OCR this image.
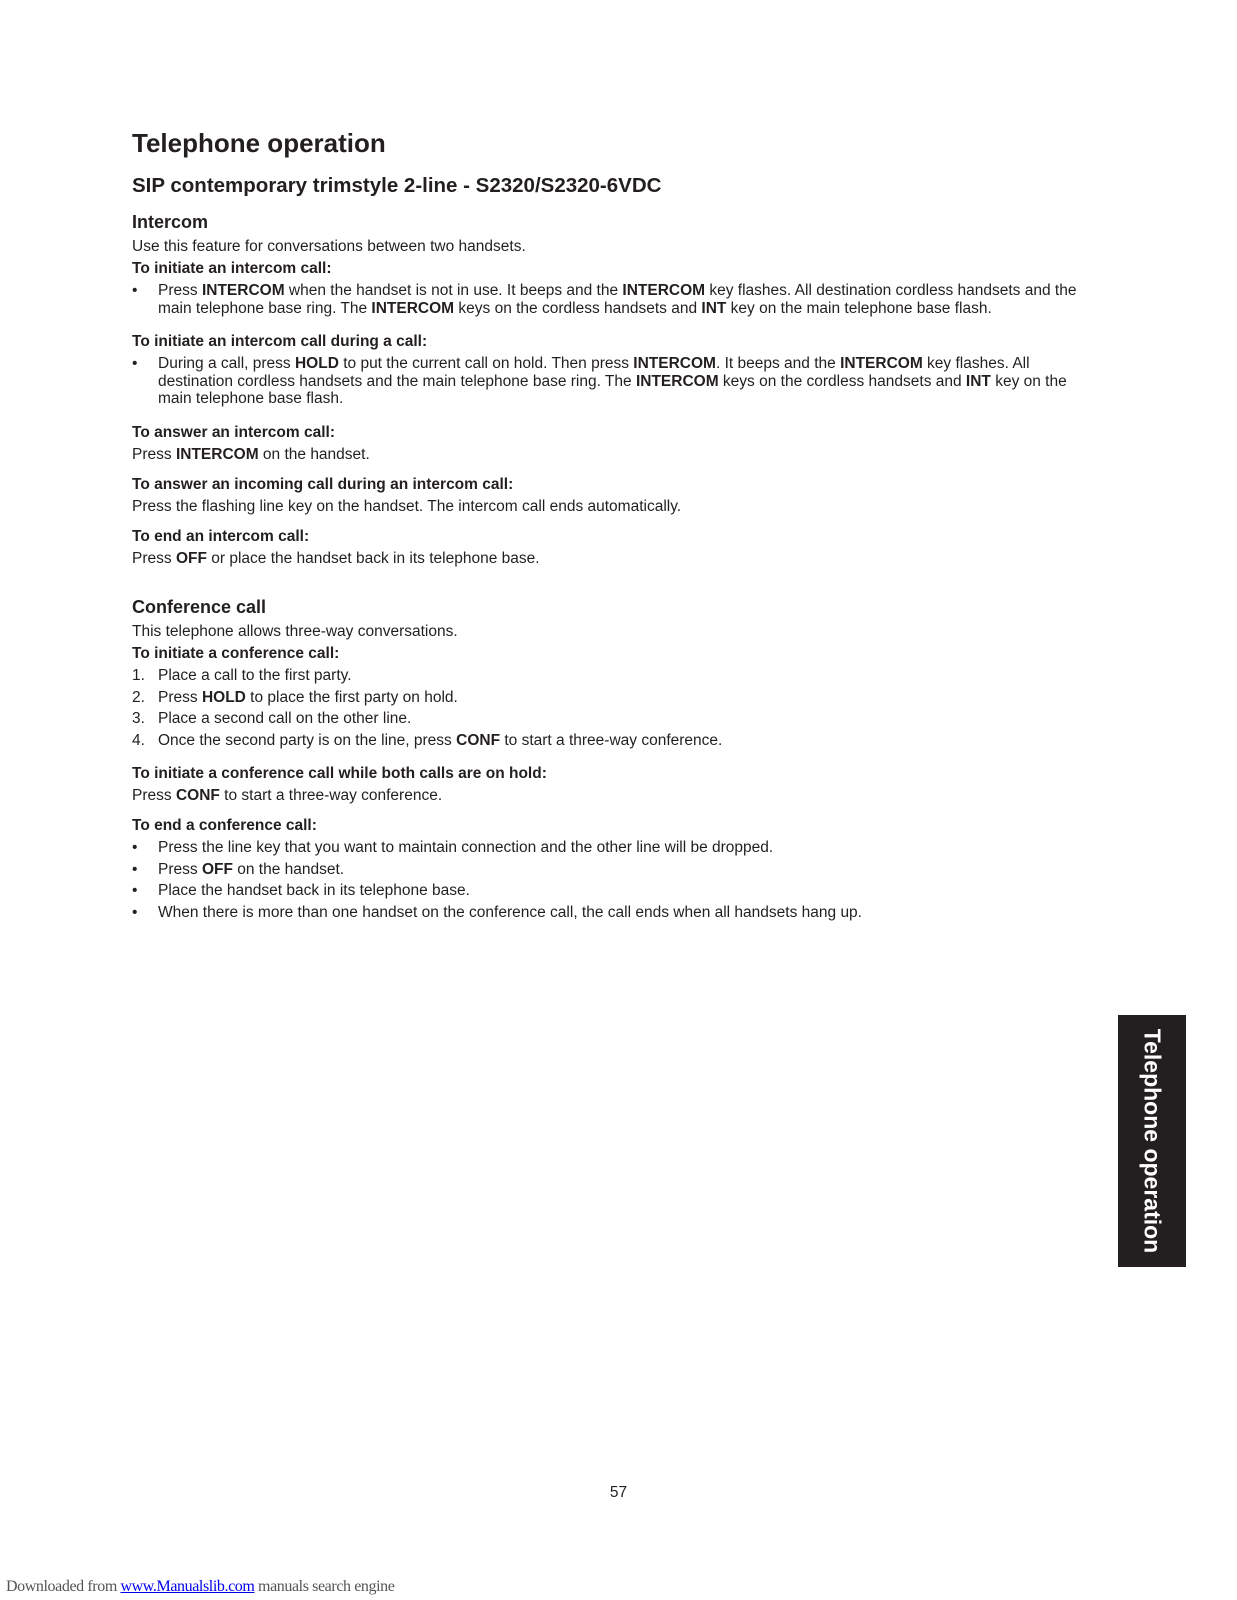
Telephone operation
SIP contemporary trimstyle 2-line - S2320/S2320-6VDC
Intercom

Use this feature for conversations between two handsets.

To initiate an intercom call:

• Press INTERCOM when the handset is not in use. It beeps and the INTERCOM key flashes. All destination cordless handsets and the main telephone base ring. The INTERCOM keys on the cordless handsets and INT key on the main telephone base flash.

To initiate an intercom call during a call:

• During a call, press HOLD to put the current call on hold. Then press INTERCOM. It beeps and the INTERCOM key flashes. All destination cordless handsets and the main telephone base ring. The INTERCOM keys on the cordless handsets and INT key on the main telephone base flash.

To answer an intercom call:

Press INTERCOM on the handset.

To answer an incoming call during an intercom call:

Press the flashing line key on the handset. The intercom call ends automatically.

To end an intercom call:

Press OFF or place the handset back in its telephone base.

Conference call

This telephone allows three-way conversations.

To initiate a conference call:

1. Place a call to the first party.
2. Press HOLD to place the first party on hold.
3. Place a second call on the other line.
4. Once the second party is on the line, press CONF to start a three-way conference.

To initiate a conference call while both calls are on hold:

Press CONF to start a three-way conference.

To end a conference call:

• Press the line key that you want to maintain connection and the other line will be dropped.
• Press OFF on the handset.
• Place the handset back in its telephone base.
• When there is more than one handset on the conference call, the call ends when all handsets hang up.
Telephone operation
57
Downloaded from www.Manualslib.com manuals search engine
